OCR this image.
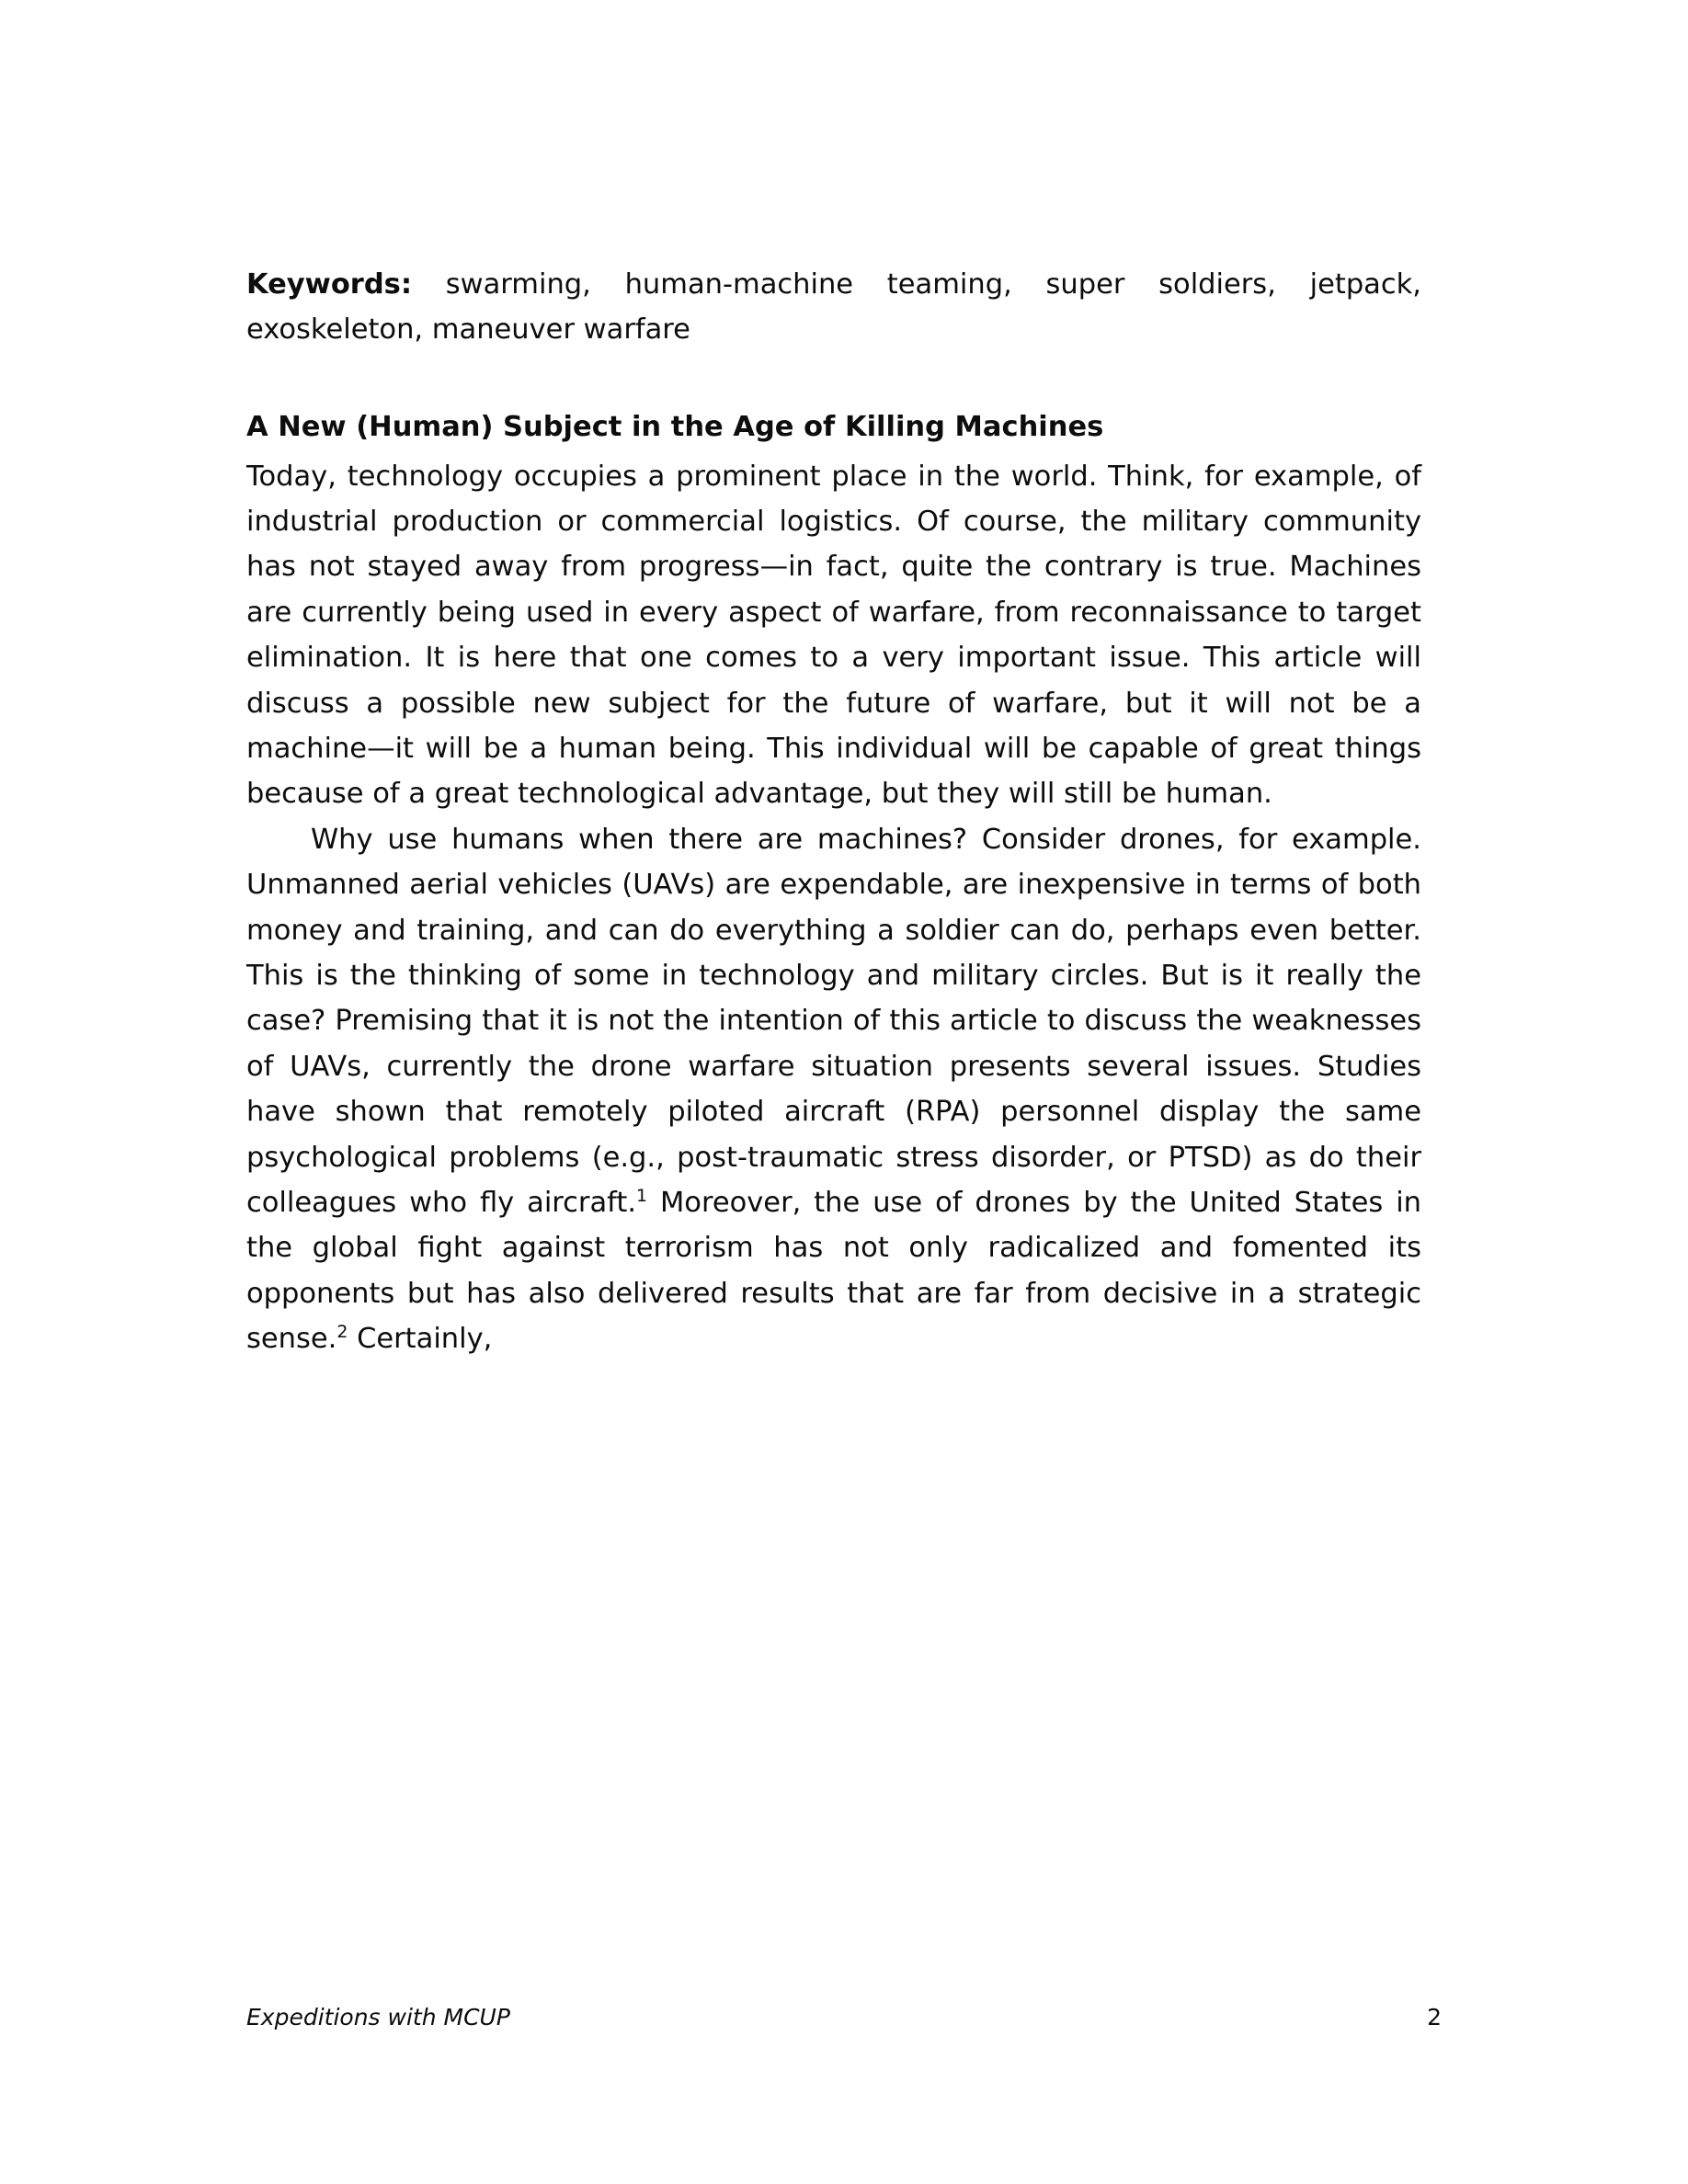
Keywords: swarming, human-machine teaming, super soldiers, jetpack, exoskeleton, maneuver warfare

A New (Human) Subject in the Age of Killing Machines

Today, technology occupies a prominent place in the world. Think, for example, of industrial production or commercial logistics. Of course, the military community has not stayed away from progress—in fact, quite the contrary is true. Machines are currently being used in every aspect of warfare, from reconnaissance to target elimination. It is here that one comes to a very important issue. This article will discuss a possible new subject for the future of warfare, but it will not be a machine—it will be a human being. This individual will be capable of great things because of a great technological advantage, but they will still be human.

Why use humans when there are machines? Consider drones, for example. Unmanned aerial vehicles (UAVs) are expendable, are inexpensive in terms of both money and training, and can do everything a soldier can do, perhaps even better. This is the thinking of some in technology and military circles. But is it really the case? Premising that it is not the intention of this article to discuss the weaknesses of UAVs, currently the drone warfare situation presents several issues. Studies have shown that remotely piloted aircraft (RPA) personnel display the same psychological problems (e.g., post-traumatic stress disorder, or PTSD) as do their colleagues who fly aircraft.$^1$ Moreover, the use of drones by the United States in the global fight against terrorism has not only radicalized and fomented its opponents but has also delivered results that are far from decisive in a strategic sense.$^2$ Certainly,

Expeditions with MCUP	2
